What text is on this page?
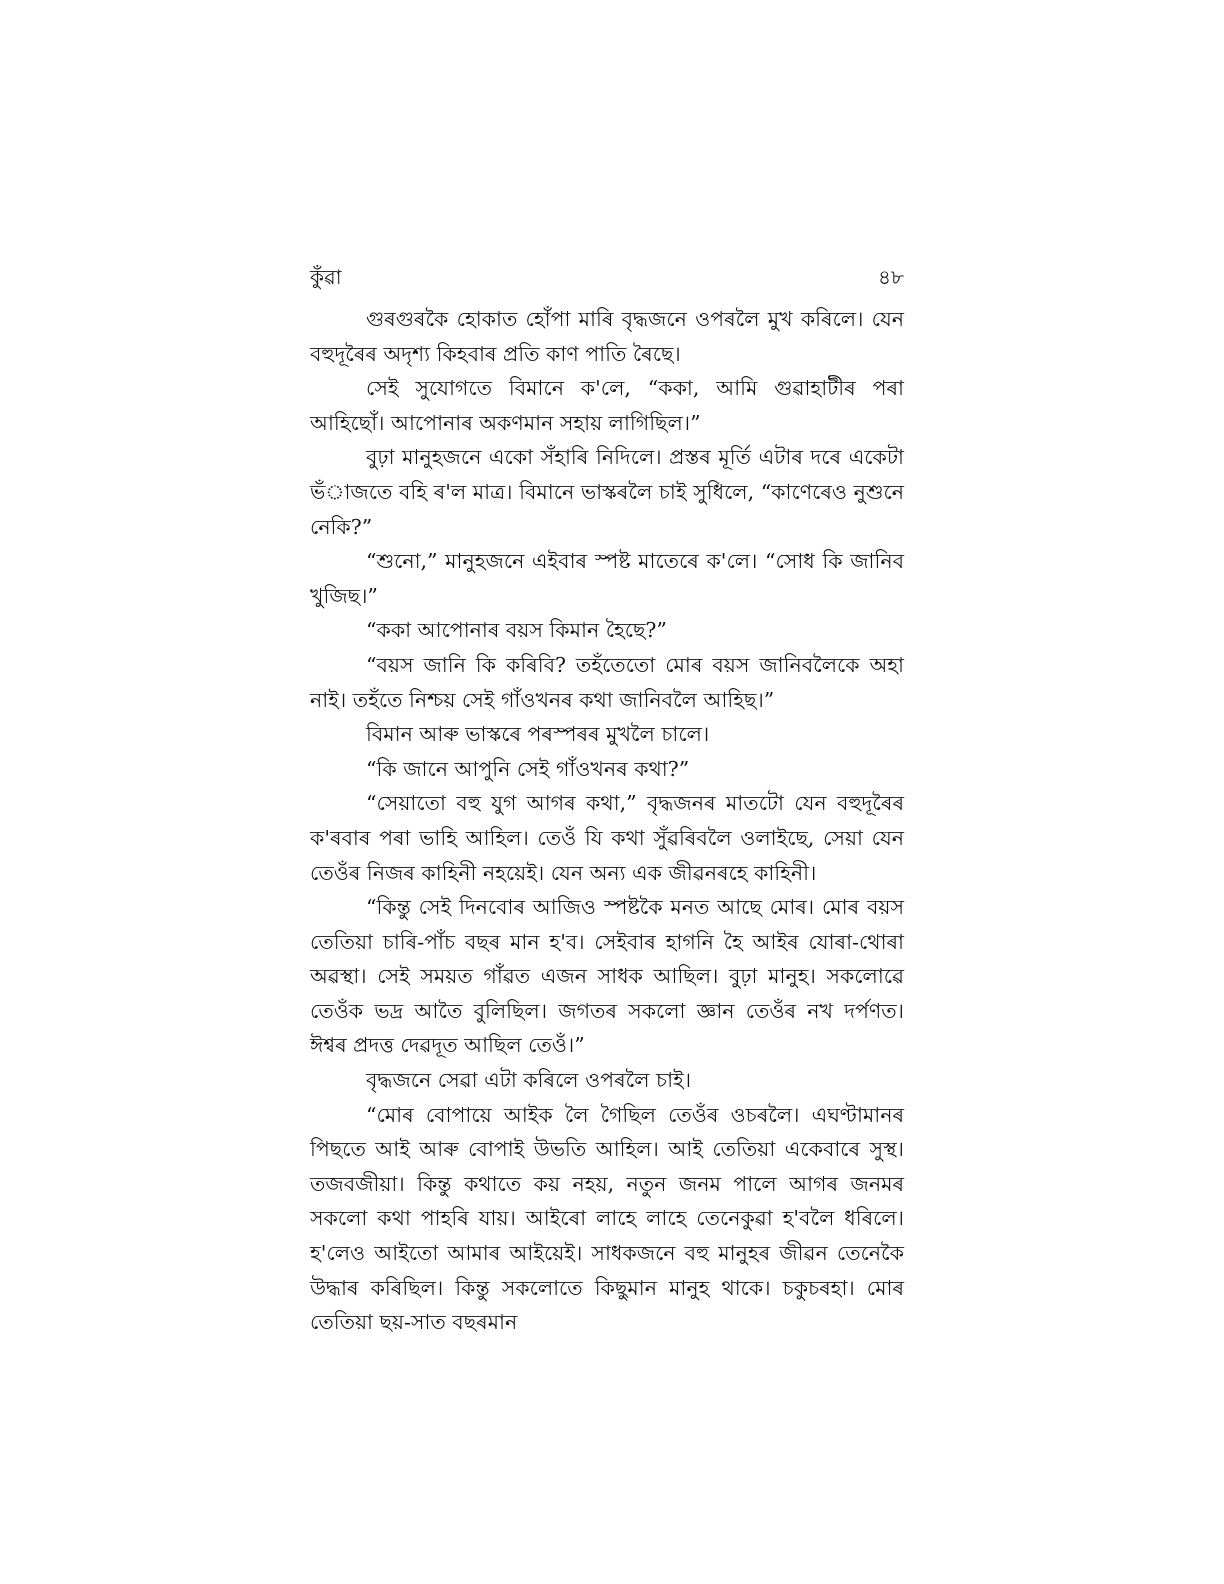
কুঁৱা	৪৮

গুৰগুৰকৈ হোকাত হোঁপা মাৰি বৃদ্ধজনে ওপৰলৈ মুখ কৰিলে। যেন বহুদূৰৈৰ অদৃশ্য কিহবাৰ প্ৰতি কাণ পাতি ৰৈছে।

সেই সুযোগতে বিমানে ক'লে, “ককা, আমি গুৱাহাটীৰ পৰা আহিছোঁ। আপোনাৰ অকণমান সহায় লাগিছিল।”

বুঢ়া মানুহজনে একো সঁহাৰি নিদিলে। প্ৰস্তৰ মূৰ্তি এটাৰ দৰে একেটা ভঁাজতে বহি ৰ'ল মাত্ৰ। বিমানে ভাস্কৰলৈ চাই সুধিলে, “কাণেৰেও নুশুনে নেকি?”

“শুনো,” মানুহজনে এইবাৰ স্পষ্ট মাতেৰে ক'লে। “সোধ কি জানিব খুজিছ।”

“ককা আপোনাৰ বয়স কিমান হৈছে?”

“বয়স জানি কি কৰিবি? তহঁতেতো মোৰ বয়স জানিবলৈকে অহা নাই। তহঁতে নিশ্চয় সেই গাঁওখনৰ কথা জানিবলৈ আহিছ।”

বিমান আৰু ভাস্কৰে পৰস্পৰৰ মুখলৈ চালে।

“কি জানে আপুনি সেই গাঁওখনৰ কথা?”

“সেয়াতো বহু যুগ আগৰ কথা,” বৃদ্ধজনৰ মাতটো যেন বহুদূৰৈৰ ক'ৰবাৰ পৰা ভাহি আহিল। তেওঁ যি কথা সুঁৱৰিবলৈ ওলাইছে, সেয়া যেন তেওঁৰ নিজৰ কাহিনী নহয়েই। যেন অন্য এক জীৱনৰহে কাহিনী।

“কিন্তু সেই দিনবোৰ আজিও স্পষ্টকৈ মনত আছে মোৰ। মোৰ বয়স তেতিয়া চাৰি-পাঁচ বছৰ মান হ'ব। সেইবাৰ হাগনি হৈ আইৰ যোৰা-থোৰা অৱস্থা। সেই সময়ত গাঁৱত এজন সাধক আছিল। বুঢ়া মানুহ। সকলোৱে তেওঁক ভদ্ৰ আতৈ বুলিছিল। জগতৰ সকলো জ্ঞান তেওঁৰ নখ দৰ্পণত। ঈশ্বৰ প্ৰদত্ত দেৱদূত আছিল তেওঁ।”

বৃদ্ধজনে সেৱা এটা কৰিলে ওপৰলৈ চাই।

“মোৰ বোপায়ে আইক লৈ গৈছিল তেওঁৰ ওচৰলৈ। এঘণ্টামানৰ পিছতে আই আৰু বোপাই উভতি আহিল। আই তেতিয়া একেবাৰে সুস্থ। তজবজীয়া। কিন্তু কথাতে কয় নহয়, নতুন জনম পালে আগৰ জনমৰ সকলো কথা পাহৰি যায়। আইৰো লাহে লাহে তেনেকুৱা হ'বলৈ ধৰিলে। হ'লেও আইতো আমাৰ আইয়েই। সাধকজনে বহু মানুহৰ জীৱন তেনেকৈ উদ্ধাৰ কৰিছিল। কিন্তু সকলোতে কিছুমান মানুহ থাকে। চকুচৰহা। মোৰ তেতিয়া ছয়-সাত বছৰমান
